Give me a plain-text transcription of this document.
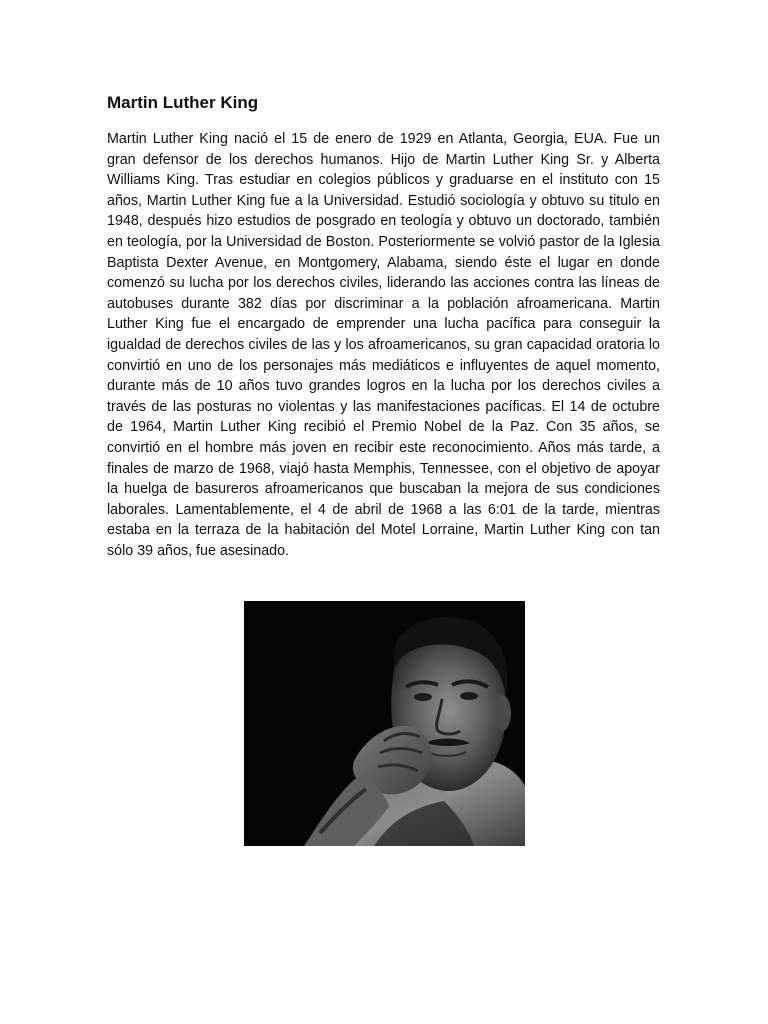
Martin Luther King

Martin Luther King nació el 15 de enero de 1929 en Atlanta, Georgia, EUA. Fue un gran defensor de los derechos humanos. Hijo de Martin Luther King Sr. y Alberta Williams King. Tras estudiar en colegios públicos y graduarse en el instituto con 15 años, Martin Luther King fue a la Universidad. Estudió sociología y obtuvo su titulo en 1948, después hizo estudios de posgrado en teología y obtuvo un doctorado, también en teología, por la Universidad de Boston. Posteriormente se volvió pastor de la Iglesia Baptista Dexter Avenue, en Montgomery, Alabama, siendo éste el lugar en donde comenzó su lucha por los derechos civiles, liderando las acciones contra las líneas de autobuses durante 382 días por discriminar a la población afroamericana. Martin Luther King fue el encargado de emprender una lucha pacífica para conseguir la igualdad de derechos civiles de las y los afroamericanos, su gran capacidad oratoria lo convirtió en uno de los personajes más mediáticos e influyentes de aquel momento, durante más de 10 años tuvo grandes logros en la lucha por los derechos civiles a través de las posturas no violentas y las manifestaciones pacíficas. El 14 de octubre de 1964, Martin Luther King recibió el Premio Nobel de la Paz. Con 35 años, se convirtió en el hombre más joven en recibir este reconocimiento. Años más tarde, a finales de marzo de 1968, viajó hasta Memphis, Tennessee, con el objetivo de apoyar la huelga de basureros afroamericanos que buscaban la mejora de sus condiciones laborales. Lamentablemente, el 4 de abril de 1968 a las 6:01 de la tarde, mientras estaba en la terraza de la habitación del Motel Lorraine, Martin Luther King con tan sólo 39 años, fue asesinado.
